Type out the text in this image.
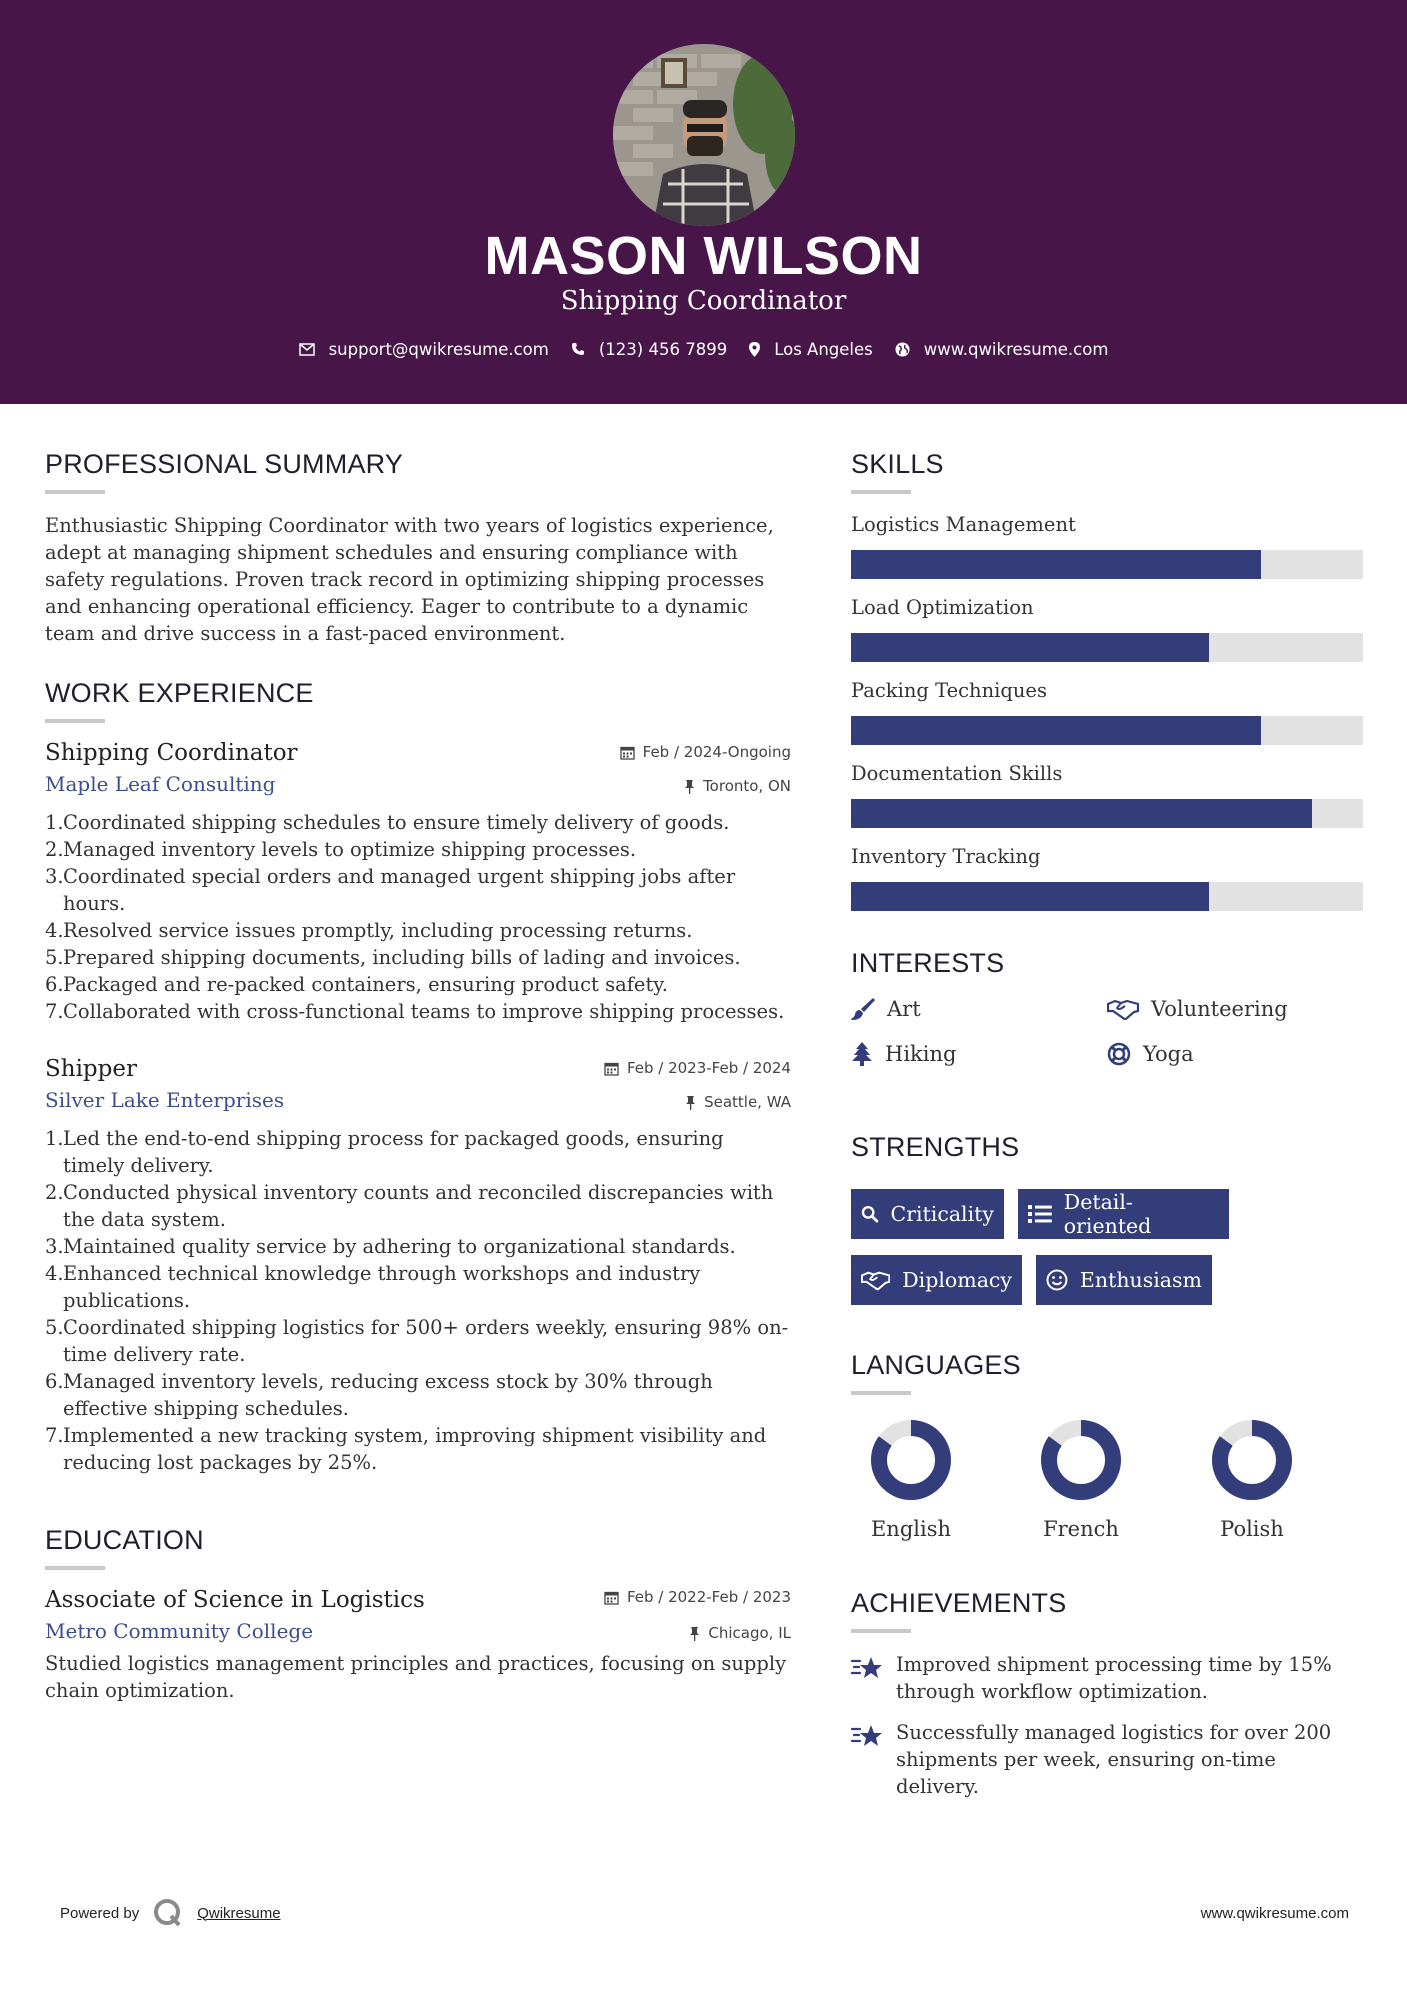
MASON WILSON
Shipping Coordinator
support@qwikresume.com	(123) 456 7899	Los Angeles	www.qwikresume.com
PROFESSIONAL SUMMARY

Enthusiastic Shipping Coordinator with two years of logistics experience, adept at managing shipment schedules and ensuring compliance with safety regulations. Proven track record in optimizing shipping processes and enhancing operational efficiency. Eager to contribute to a dynamic team and drive success in a fast-paced environment.

WORK EXPERIENCE
Feb / 2024-Ongoing
Toronto, ON
Shipping Coordinator
Maple Leaf Consulting
1. Coordinated shipping schedules to ensure timely delivery of goods.
2. Managed inventory levels to optimize shipping processes.
3. Coordinated special orders and managed urgent shipping jobs after hours.
4. Resolved service issues promptly, including processing returns.
5. Prepared shipping documents, including bills of lading and invoices.
6. Packaged and re-packed containers, ensuring product safety.
7. Collaborated with cross-functional teams to improve shipping processes.
Feb / 2023-Feb / 2024
Seattle, WA
Shipper
Silver Lake Enterprises
1. Led the end-to-end shipping process for packaged goods, ensuring timely delivery.
2. Conducted physical inventory counts and reconciled discrepancies with the data system.
3. Maintained quality service by adhering to organizational standards.
4. Enhanced technical knowledge through workshops and industry publications.
5. Coordinated shipping logistics for 500+ orders weekly, ensuring 98% on-time delivery rate.
6. Managed inventory levels, reducing excess stock by 30% through effective shipping schedules.
7. Implemented a new tracking system, improving shipment visibility and reducing lost packages by 25%.
EDUCATION
Feb / 2022-Feb / 2023
Chicago, IL
Associate of Science in Logistics
Metro Community College

Studied logistics management principles and practices, focusing on supply chain optimization.

SKILLS
Logistics Management
Load Optimization
Packing Techniques
Documentation Skills
Inventory Tracking
INTERESTS
Art	Volunteering
Hiking	Yoga
STRENGTHS
Criticality	Detail-oriented
Diplomacy	Enthusiasm
LANGUAGES
English	French	Polish
ACHIEVEMENTS
Improved shipment processing time by 15% through workflow optimization.
Successfully managed logistics for over 200 shipments per week, ensuring on-time delivery.
Powered by	Qwikresume	www.qwikresume.com
